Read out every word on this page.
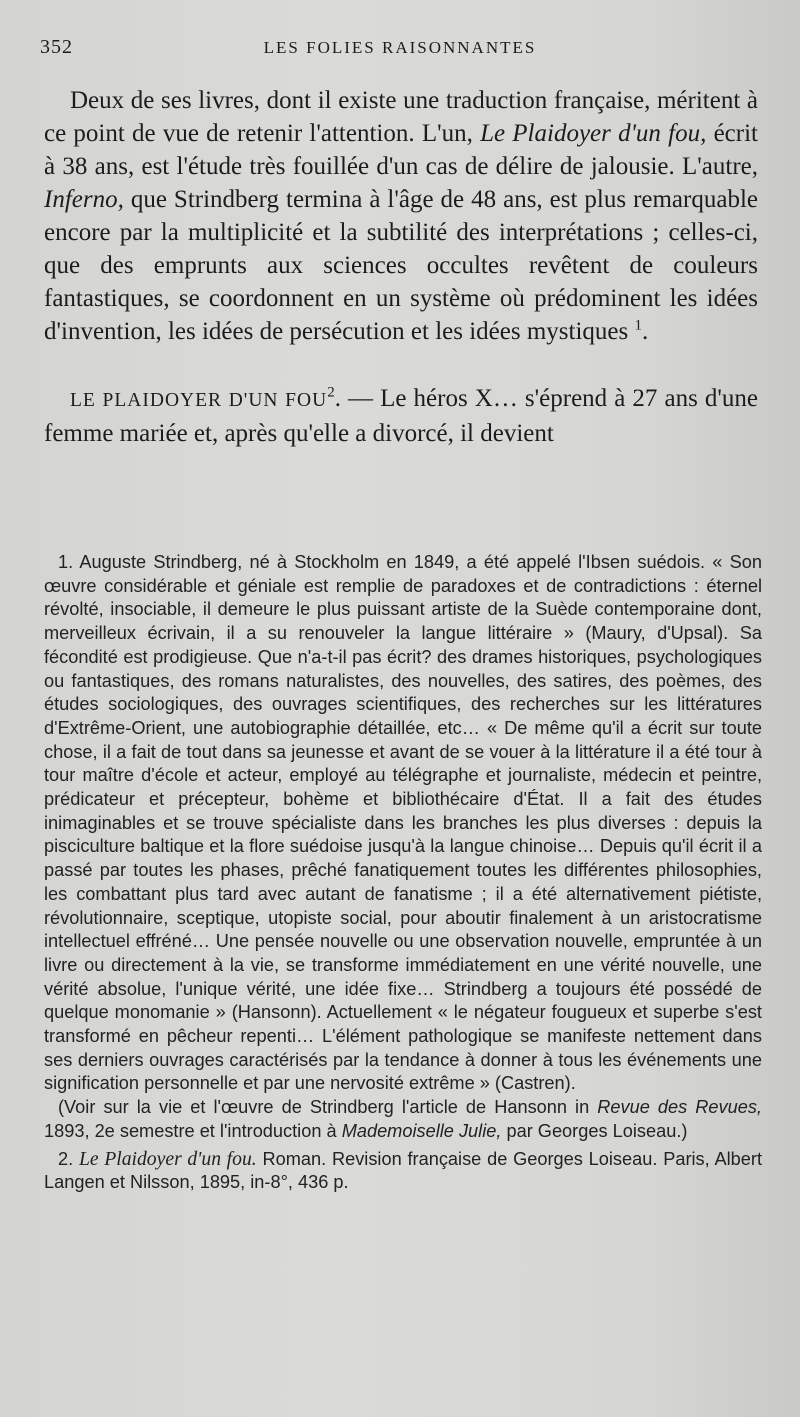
352	LES FOLIES RAISONNANTES

Deux de ses livres, dont il existe une traduction française, méritent à ce point de vue de retenir l'attention. L'un, Le Plaidoyer d'un fou, écrit à 38 ans, est l'étude très fouillée d'un cas de délire de jalousie. L'autre, Inferno, que Strindberg termina à l'âge de 48 ans, est plus remarquable encore par la multiplicité et la subtilité des interprétations ; celles-ci, que des emprunts aux sciences occultes revêtent de couleurs fantastiques, se coordonnent en un système où prédominent les idées d'invention, les idées de persécution et les idées mystiques $^1$.

LE PLAIDOYER D'UN FOU$^2$. — Le héros X… s'éprend à 27 ans d'une femme mariée et, après qu'elle a divorcé, il devient

1. Auguste Strindberg, né à Stockholm en 1849, a été appelé l'Ibsen suédois. « Son œuvre considérable et géniale est remplie de paradoxes et de contradictions : éternel révolté, insociable, il demeure le plus puissant artiste de la Suède contemporaine dont, merveilleux écrivain, il a su renouveler la langue littéraire » (Maury, d'Upsal). Sa fécondité est prodigieuse. Que n'a-t-il pas écrit? des drames historiques, psychologiques ou fantastiques, des romans naturalistes, des nouvelles, des satires, des poèmes, des études sociologiques, des ouvrages scientifiques, des recherches sur les littératures d'Extrême-Orient, une autobiographie détaillée, etc… « De même qu'il a écrit sur toute chose, il a fait de tout dans sa jeunesse et avant de se vouer à la littérature il a été tour à tour maître d'école et acteur, employé au télégraphe et journaliste, médecin et peintre, prédicateur et précepteur, bohème et bibliothécaire d'État. Il a fait des études inimaginables et se trouve spécialiste dans les branches les plus diverses : depuis la pisciculture baltique et la flore suédoise jusqu'à la langue chinoise… Depuis qu'il écrit il a passé par toutes les phases, prêché fanatiquement toutes les différentes philosophies, les combattant plus tard avec autant de fanatisme ; il a été alternativement piétiste, révolutionnaire, sceptique, utopiste social, pour aboutir finalement à un aristocratisme intellectuel effréné… Une pensée nouvelle ou une observation nouvelle, empruntée à un livre ou directement à la vie, se transforme immédiatement en une vérité nouvelle, une vérité absolue, l'unique vérité, une idée fixe… Strindberg a toujours été possédé de quelque monomanie » (Hansonn). Actuellement « le négateur fougueux et superbe s'est transformé en pêcheur repenti… L'élément pathologique se manifeste nettement dans ses derniers ouvrages caractérisés par la tendance à donner à tous les événements une signification personnelle et par une nervosité extrême » (Castren).

(Voir sur la vie et l'œuvre de Strindberg l'article de Hansonn in Revue des Revues, 1893, 2e semestre et l'introduction à Mademoiselle Julie, par Georges Loiseau.)

2. Le Plaidoyer d'un fou. Roman. Revision française de Georges Loiseau. Paris, Albert Langen et Nilsson, 1895, in-8°, 436 p.
